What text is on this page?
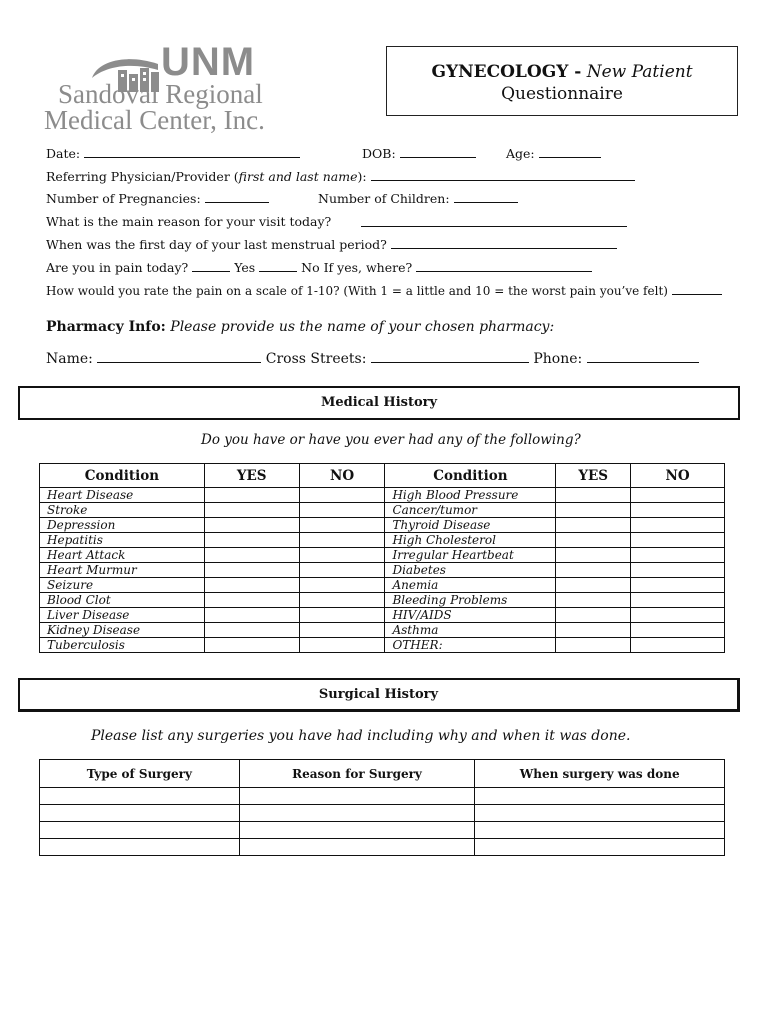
UNM
Sandoval Regional
Medical Center, Inc.
GYNECOLOGY - New Patient
Questionnaire
Date:	DOB:	Age:
Referring Physician/Provider (first and last name):
Number of Pregnancies:	Number of Children:
What is the main reason for your visit today?
When was the first day of your last menstrual period?
Are you in pain today?	Yes	No If yes, where?
How would you rate the pain on a scale of 1-10? (With 1 = a little and 10 = the worst pain you’ve felt)
Pharmacy Info: Please provide us the name of your chosen pharmacy:
Name:	Cross Streets:	Phone:
Medical History
Do you have or have you ever had any of the following?
Condition	YES	NO	Condition	YES	NO
Heart Disease			High Blood Pressure		
Stroke			Cancer/tumor		
Depression			Thyroid Disease		
Hepatitis			High Cholesterol		
Heart Attack			Irregular Heartbeat		
Heart Murmur			Diabetes		
Seizure			Anemia		
Blood Clot			Bleeding Problems		
Liver Disease			HIV/AIDS		
Kidney Disease			Asthma		
Tuberculosis			OTHER:		
Surgical History
Please list any surgeries you have had including why and when it was done.
Type of Surgery	Reason for Surgery	When surgery was done
